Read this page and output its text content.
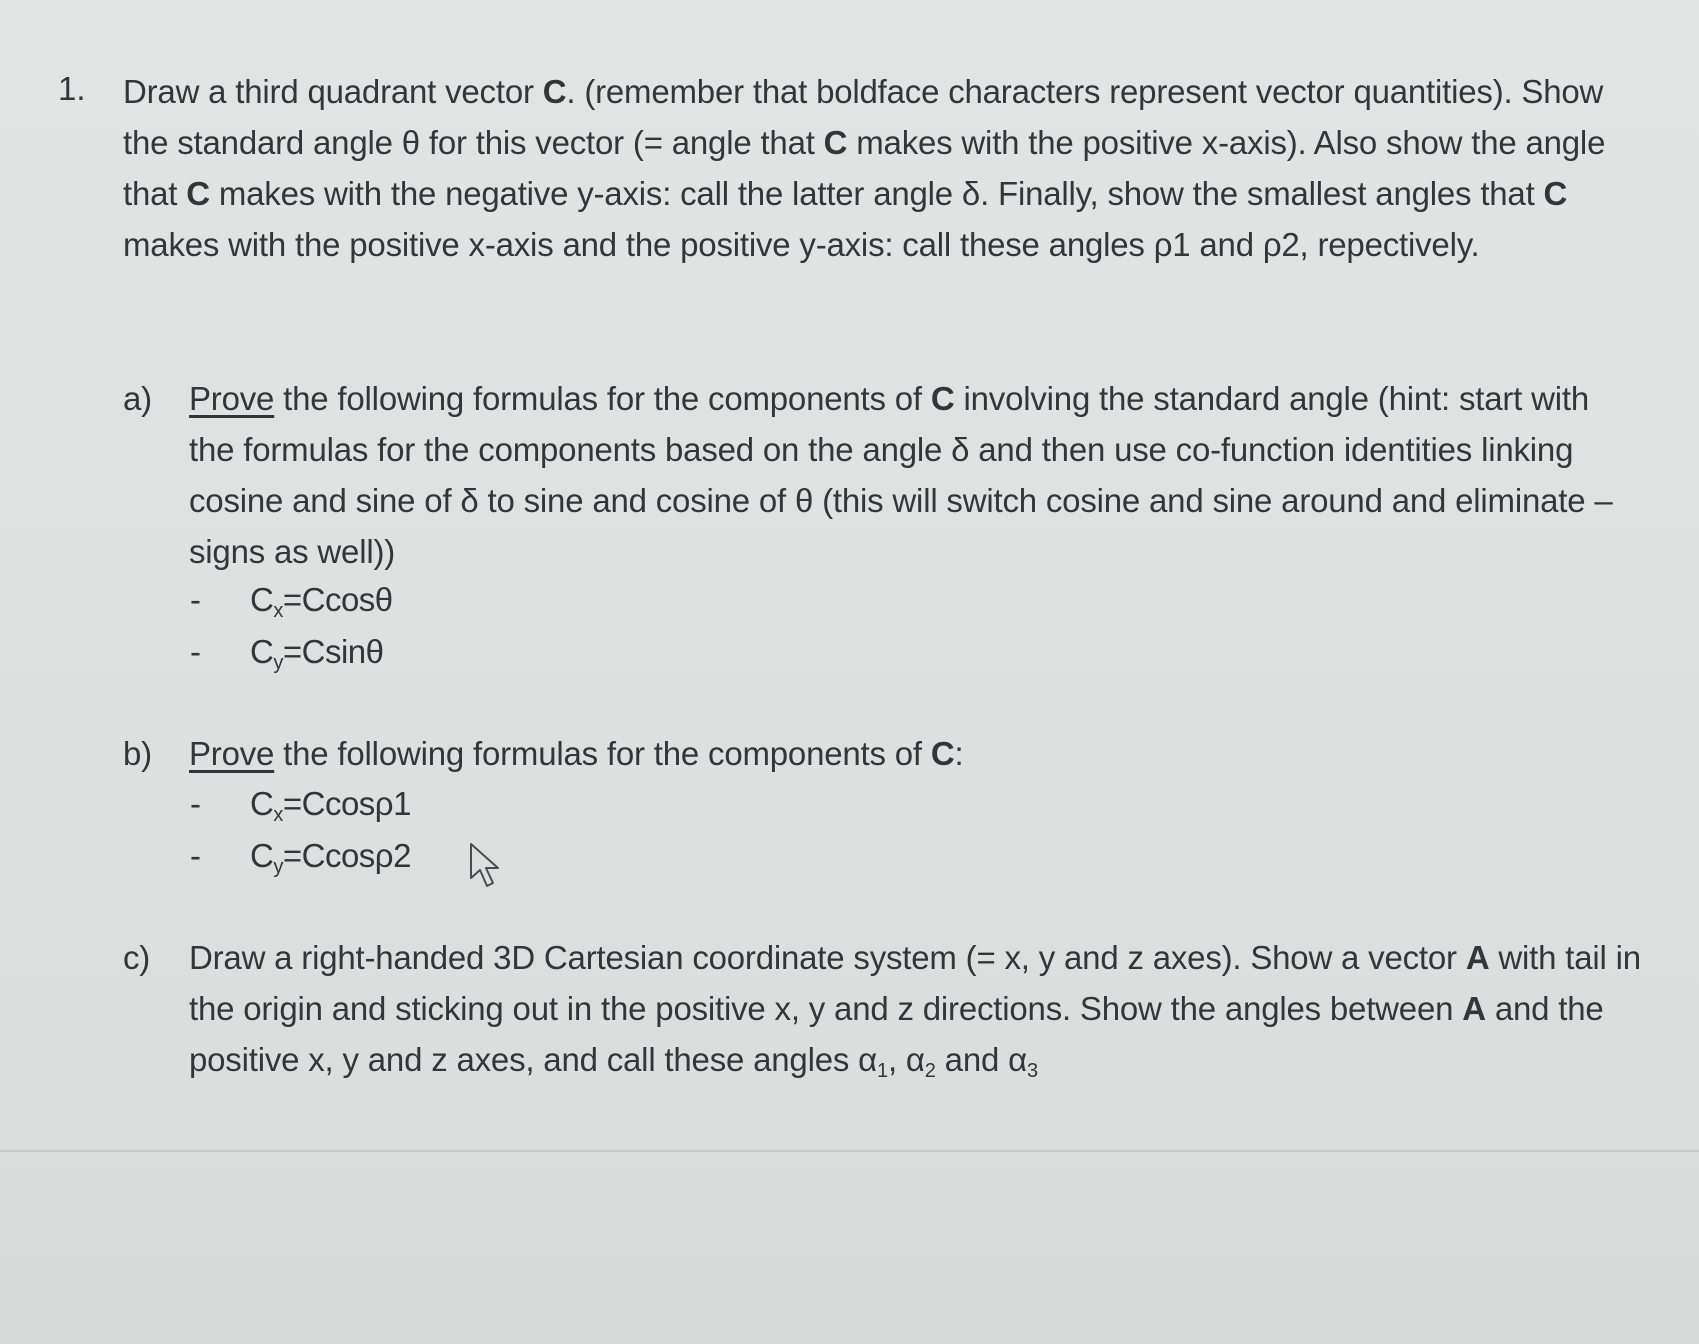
1. Draw a third quadrant vector C. (remember that boldface characters represent vector quantities). Show the standard angle θ for this vector (= angle that C makes with the positive x-axis). Also show the angle that C makes with the negative y-axis: call the latter angle δ. Finally, show the smallest angles that C makes with the positive x-axis and the positive y-axis: call these angles ρ1 and ρ2, repectively.

a) Prove the following formulas for the components of C involving the standard angle (hint: start with the formulas for the components based on the angle δ and then use co-function identities linking cosine and sine of δ to sine and cosine of θ (this will switch cosine and sine around and eliminate – signs as well))
- $C_x=Ccos\theta$
- $C_y=Csin\theta$
b) Prove the following formulas for the components of C:
- $C_x=Ccos\rho 1$
- $C_y=Ccos\rho 2$
c) Draw a right-handed 3D Cartesian coordinate system (= x, y and z axes). Show a vector A with tail in the origin and sticking out in the positive x, y and z directions. Show the angles between A and the positive x, y and z axes, and call these angles $\alpha_1$, $\alpha_2$ and $\alpha_3$
